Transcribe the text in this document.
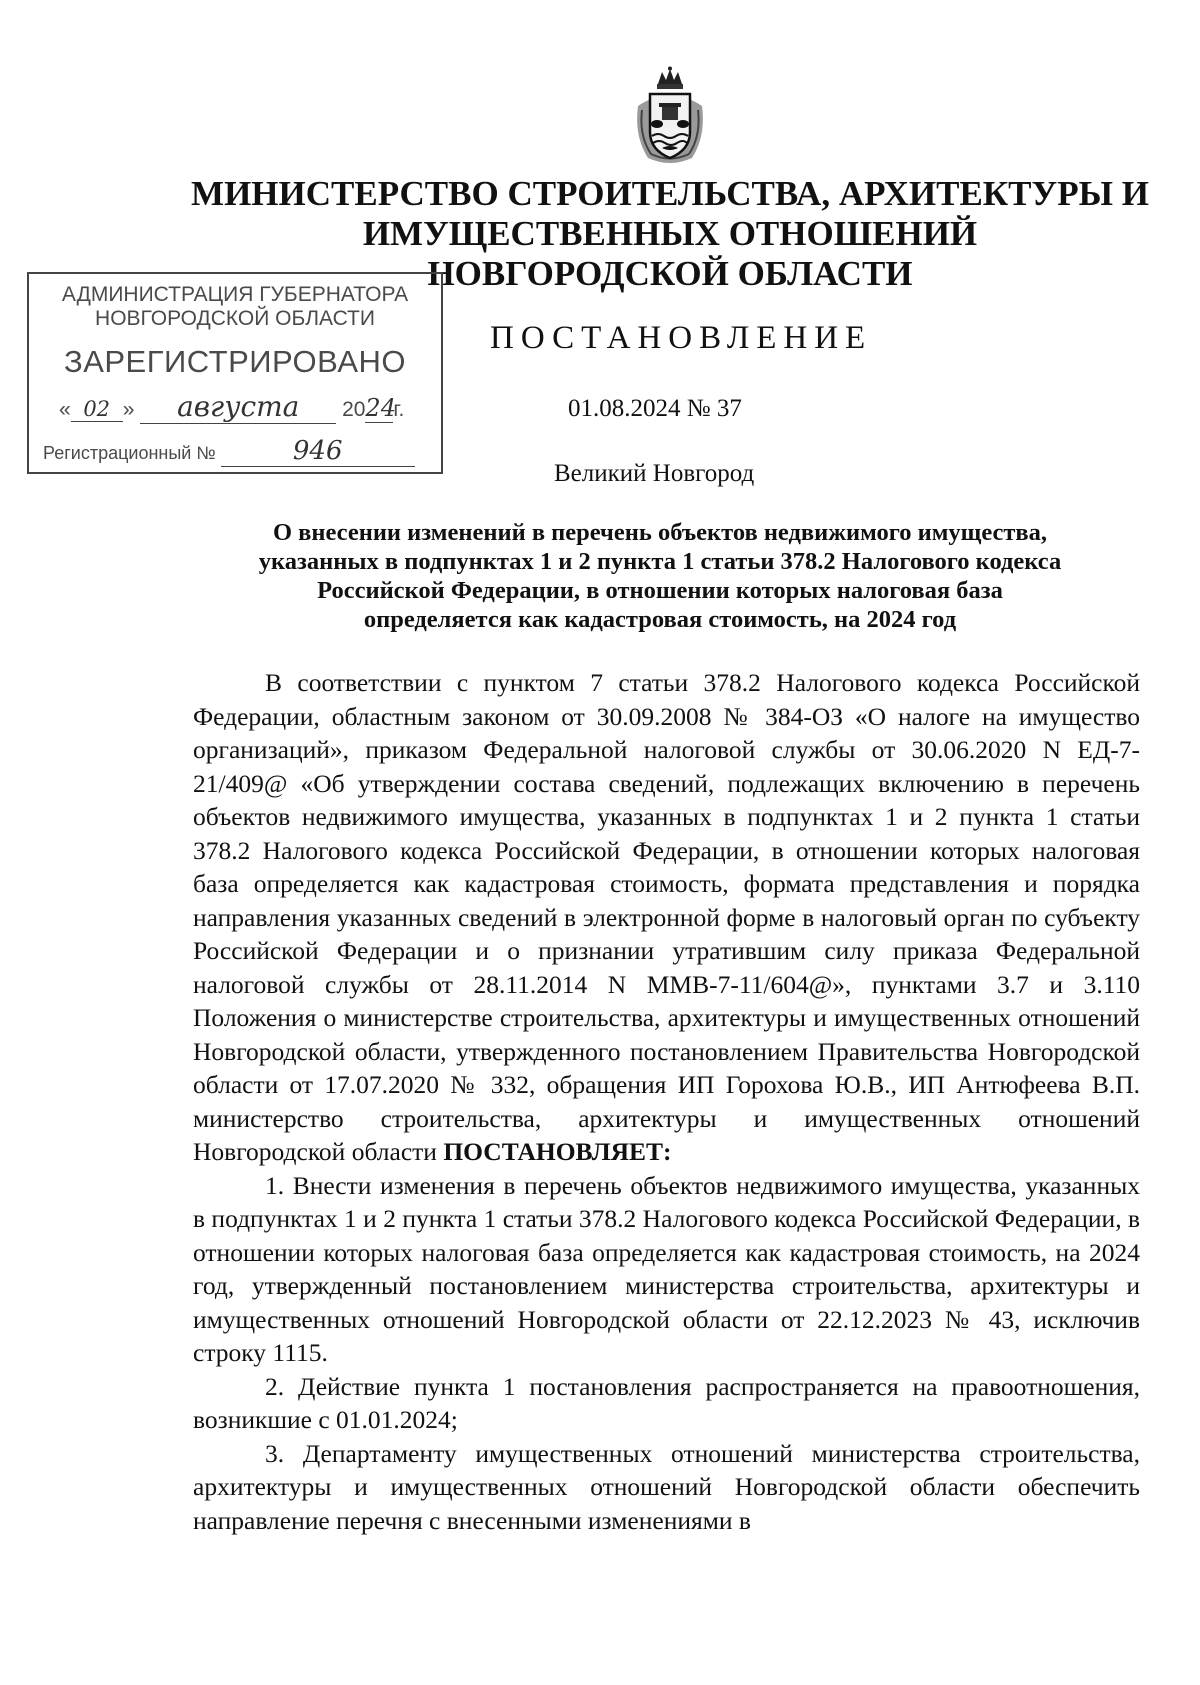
МИНИСТЕРСТВО СТРОИТЕЛЬСТВА, АРХИТЕКТУРЫ И
ИМУЩЕСТВЕННЫХ ОТНОШЕНИЙ
НОВГОРОДСКОЙ ОБЛАСТИ
АДМИНИСТРАЦИЯ ГУБЕРНАТОРА
НОВГОРОДСКОЙ ОБЛАСТИ
ЗАРЕГИСТРИРОВАНО
« 02 » августа 2024г.
Регистрационный №	946
ПОСТАНОВЛЕНИЕ
01.08.2024 № 37
Великий Новгород
О внесении изменений в перечень объектов недвижимого имущества,
указанных в подпунктах 1 и 2 пункта 1 статьи 378.2 Налогового кодекса
Российской Федерации, в отношении которых налоговая база
определяется как кадастровая стоимость, на 2024 год

В соответствии с пунктом 7 статьи 378.2 Налогового кодекса Российской Федерации, областным законом от 30.09.2008 № 384-ОЗ «О налоге на имущество организаций», приказом Федеральной налоговой службы от 30.06.2020 N ЕД-7-21/409@ «Об утверждении состава сведений, подлежащих включению в перечень объектов недвижимого имущества, указанных в подпунктах 1 и 2 пункта 1 статьи 378.2 Налогового кодекса Российской Федерации, в отношении которых налоговая база определяется как кадастровая стоимость, формата представления и порядка направления указанных сведений в электронной форме в налоговый орган по субъекту Российской Федерации и о признании утратившим силу приказа Федеральной налоговой службы от 28.11.2014 N ММВ-7-11/604@», пунктами 3.7 и 3.110 Положения о министерстве строительства, архитектуры и имущественных отношений Новгородской области, утвержденного постановлением Правительства Новгородской области от 17.07.2020 № 332, обращения ИП Горохова Ю.В., ИП Антюфеева В.П. министерство строительства, архитектуры и имущественных отношений Новгородской области ПОСТАНОВЛЯЕТ:

1. Внести изменения в перечень объектов недвижимого имущества, указанных в подпунктах 1 и 2 пункта 1 статьи 378.2 Налогового кодекса Российской Федерации, в отношении которых налоговая база определяется как кадастровая стоимость, на 2024 год, утвержденный постановлением министерства строительства, архитектуры и имущественных отношений Новгородской области от 22.12.2023 № 43, исключив строку 1115.

2. Действие пункта 1 постановления распространяется на правоотношения, возникшие с 01.01.2024;

3. Департаменту имущественных отношений министерства строительства, архитектуры и имущественных отношений Новгородской области обеспечить направление перечня с внесенными изменениями в
